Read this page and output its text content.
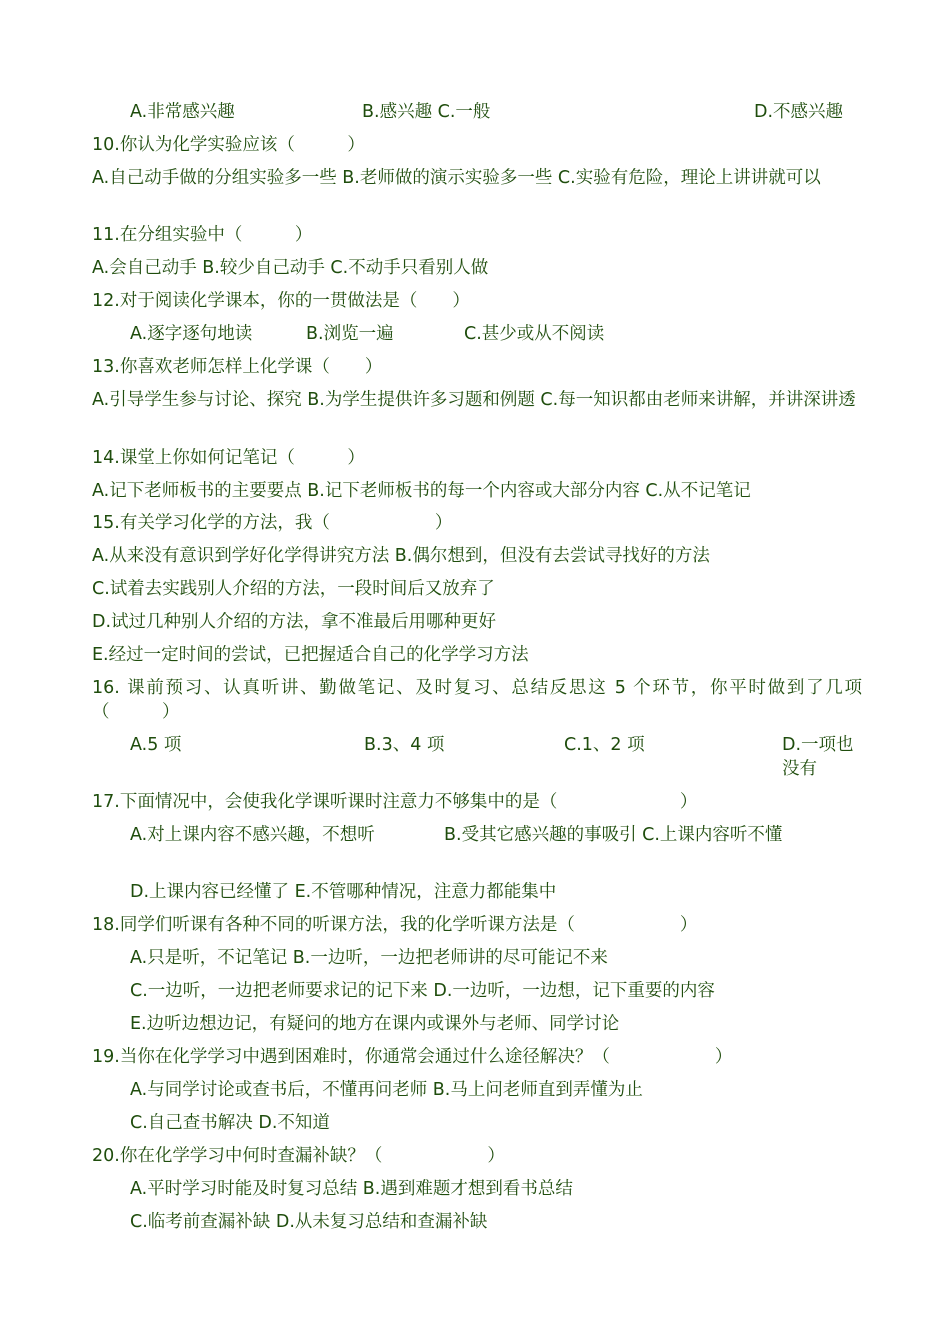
A.非常感兴趣	B.感兴趣 C.一般	D.不感兴趣
10.你认为化学实验应该（　　　）
A.自己动手做的分组实验多一些 B.老师做的演示实验多一些 C.实验有危险，理论上讲讲就可以
11.在分组实验中（　　　）
A.会自己动手 B.较少自己动手 C.不动手只看别人做
12.对于阅读化学课本，你的一贯做法是（　　）
A.逐字逐句地读	B.浏览一遍	C.甚少或从不阅读
13.你喜欢老师怎样上化学课（　　）
A.引导学生参与讨论、探究 B.为学生提供许多习题和例题 C.每一知识都由老师来讲解，并讲深讲透
14.课堂上你如何记笔记（　　　）
A.记下老师板书的主要要点 B.记下老师板书的每一个内容或大部分内容 C.从不记笔记
15.有关学习化学的方法，我（　　　　　　）
A.从来没有意识到学好化学得讲究方法 B.偶尔想到，但没有去尝试寻找好的方法
C.试着去实践别人介绍的方法，一段时间后又放弃了
D.试过几种别人介绍的方法，拿不准最后用哪种更好
E.经过一定时间的尝试，已把握适合自己的化学学习方法
16. 课前预习、认真听讲、勤做笔记、及时复习、总结反思这 5 个环节，你平时做到了几项（　　　）
A.5 项	B.3、4 项	C.1、2 项	D.一项也没有
17.下面情况中，会使我化学课听课时注意力不够集中的是（　　　　　　　）
A.对上课内容不感兴趣，不想听	B.受其它感兴趣的事吸引 C.上课内容听不懂
D.上课内容已经懂了 E.不管哪种情况，注意力都能集中
18.同学们听课有各种不同的听课方法，我的化学听课方法是（　　　　　　）
A.只是听，不记笔记 B.一边听，一边把老师讲的尽可能记不来
C.一边听，一边把老师要求记的记下来 D.一边听，一边想，记下重要的内容
E.边听边想边记，有疑问的地方在课内或课外与老师、同学讨论
19.当你在化学学习中遇到困难时，你通常会通过什么途径解决？（　　　　　　）
A.与同学讨论或查书后，不懂再问老师 B.马上问老师直到弄懂为止
C.自己查书解决 D.不知道
20.你在化学学习中何时查漏补缺？（　　　　　　）
A.平时学习时能及时复习总结 B.遇到难题才想到看书总结
C.临考前查漏补缺 D.从未复习总结和查漏补缺
